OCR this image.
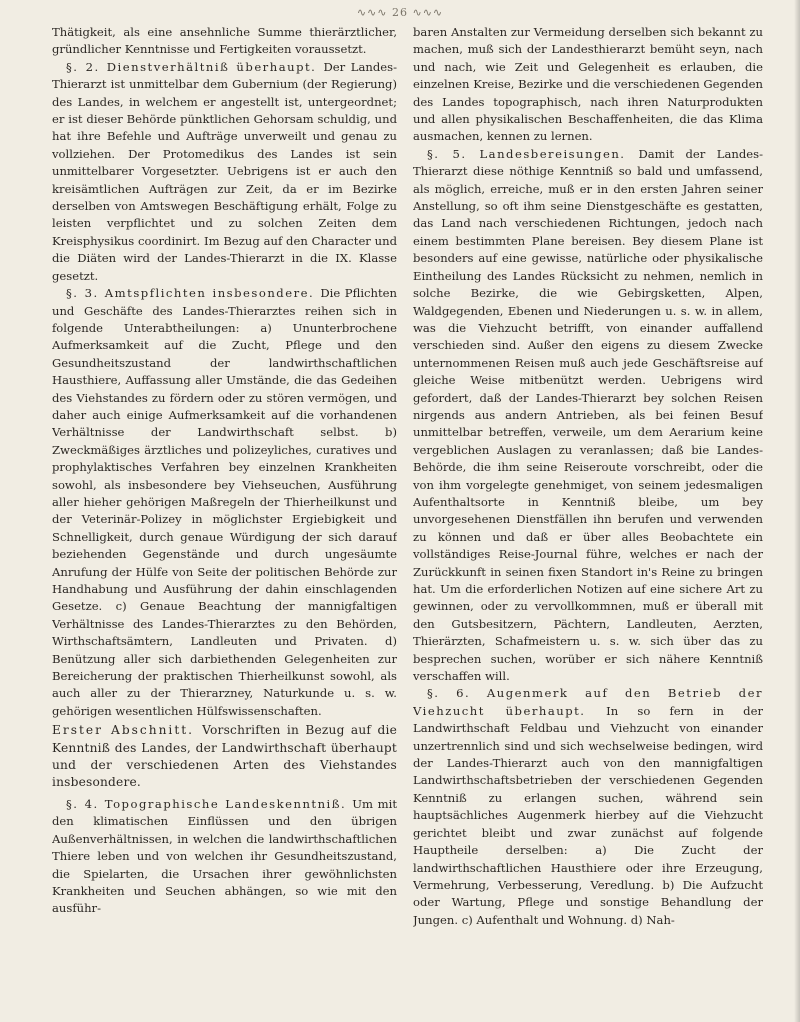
∿∿∿ 26 ∿∿∿

Thätigkeit, als eine ansehnliche Summe thierärztlicher, gründlicher Kenntnisse und Fertigkeiten voraussetzt.

§. 2. Dienstverhältniß überhaupt. Der Landes-Thierarzt ist unmittelbar dem Gubernium (der Regierung) des Landes, in welchem er angestellt ist, untergeordnet; er ist dieser Behörde pünktlichen Gehorsam schuldig, und hat ihre Befehle und Aufträge unverweilt und genau zu vollziehen. Der Protomedikus des Landes ist sein unmittelbarer Vorgesetzter. Uebrigens ist er auch den kreisämtlichen Aufträgen zur Zeit, da er im Bezirke derselben von Amtswegen Beschäftigung erhält, Folge zu leisten verpflichtet und zu solchen Zeiten dem Kreisphysikus coordinirt. Im Bezug auf den Character und die Diäten wird der Landes-Thierarzt in die IX. Klasse gesetzt.

§. 3. Amtspflichten insbesondere. Die Pflichten und Geschäfte des Landes-Thierarztes reihen sich in folgende Unterabtheilungen: a) Ununterbrochene Aufmerksamkeit auf die Zucht, Pflege und den Gesundheitszustand der landwirthschaftlichen Hausthiere, Auffassung aller Umstände, die das Gedeihen des Viehstandes zu fördern oder zu stören vermögen, und daher auch einige Aufmerksamkeit auf die vorhandenen Verhältnisse der Landwirthschaft selbst. b) Zweckmäßiges ärztliches und polizeyliches, curatives und prophylaktisches Verfahren bey einzelnen Krankheiten sowohl, als insbesondere bey Viehseuchen, Ausführung aller hieher gehörigen Maßregeln der Thierheilkunst und der Veterinär-Polizey in möglichster Ergiebigkeit und Schnelligkeit, durch genaue Würdigung der sich darauf beziehenden Gegenstände und durch ungesäumte Anrufung der Hülfe von Seite der politischen Behörde zur Handhabung und Ausführung der dahin einschlagenden Gesetze. c) Genaue Beachtung der mannigfaltigen Verhältnisse des Landes-Thierarztes zu den Behörden, Wirthschaftsämtern, Landleuten und Privaten. d) Benützung aller sich darbiethenden Gelegenheiten zur Bereicherung der praktischen Thierheilkunst sowohl, als auch aller zu der Thierarzney, Naturkunde u. s. w. gehörigen wesentlichen Hülfswissenschaften.

Erster Abschnitt. Vorschriften in Bezug auf die Kenntniß des Landes, der Landwirthschaft überhaupt und der verschiedenen Arten des Viehstandes insbesondere.

§. 4. Topographische Landeskenntniß. Um mit den klimatischen Einflüssen und den übrigen Außenverhältnissen, in welchen die landwirthschaftlichen Thiere leben und von welchen ihr Gesundheitszustand, die Spielarten, die Ursachen ihrer gewöhnlichsten Krankheiten und Seuchen abhängen, so wie mit den ausführ-

baren Anstalten zur Vermeidung derselben sich bekannt zu machen, muß sich der Landesthierarzt bemüht seyn, nach und nach, wie Zeit und Gelegenheit es erlauben, die einzelnen Kreise, Bezirke und die verschiedenen Gegenden des Landes topographisch, nach ihren Naturprodukten und allen physikalischen Beschaffenheiten, die das Klima ausmachen, kennen zu lernen.

§. 5. Landesbereisungen. Damit der Landes-Thierarzt diese nöthige Kenntniß so bald und umfassend, als möglich, erreiche, muß er in den ersten Jahren seiner Anstellung, so oft ihm seine Dienstgeschäfte es gestatten, das Land nach verschiedenen Richtungen, jedoch nach einem bestimmten Plane bereisen. Bey diesem Plane ist besonders auf eine gewisse, natürliche oder physikalische Eintheilung des Landes Rücksicht zu nehmen, nemlich in solche Bezirke, die wie Gebirgsketten, Alpen, Waldgegenden, Ebenen und Niederungen u. s. w. in allem, was die Viehzucht betrifft, von einander auffallend verschieden sind. Außer den eigens zu diesem Zwecke unternommenen Reisen muß auch jede Geschäftsreise auf gleiche Weise mitbenützt werden. Uebrigens wird gefordert, daß der Landes-Thierarzt bey solchen Reisen nirgends aus andern Antrieben, als bei feinen Besuf unmittelbar betreffen, verweile, um dem Aerarium keine vergeblichen Auslagen zu veranlassen; daß bie Landes-Behörde, die ihm seine Reiseroute vorschreibt, oder die von ihm vorgelegte genehmiget, von seinem jedesmaligen Aufenthaltsorte in Kenntniß bleibe, um bey unvorgesehenen Dienstfällen ihn berufen und verwenden zu können und daß er über alles Beobachtete ein vollständiges Reise-Journal führe, welches er nach der Zurückkunft in seinen fixen Standort in's Reine zu bringen hat. Um die erforderlichen Notizen auf eine sichere Art zu gewinnen, oder zu vervollkommnen, muß er überall mit den Gutsbesitzern, Pächtern, Landleuten, Aerzten, Thierärzten, Schafmeistern u. s. w. sich über das zu besprechen suchen, worüber er sich nähere Kenntniß verschaffen will.

§. 6. Augenmerk auf den Betrieb der Viehzucht überhaupt. In so fern in der Landwirthschaft Feldbau und Viehzucht von einander unzertrennlich sind und sich wechselweise bedingen, wird der Landes-Thierarzt auch von den mannigfaltigen Landwirthschaftsbetrieben der verschiedenen Gegenden Kenntniß zu erlangen suchen, während sein hauptsächliches Augenmerk hierbey auf die Viehzucht gerichtet bleibt und zwar zunächst auf folgende Hauptheile derselben: a) Die Zucht der landwirthschaftlichen Hausthiere oder ihre Erzeugung, Vermehrung, Verbesserung, Veredlung. b) Die Aufzucht oder Wartung, Pflege und sonstige Behandlung der Jungen. c) Aufenthalt und Wohnung. d) Nah-
